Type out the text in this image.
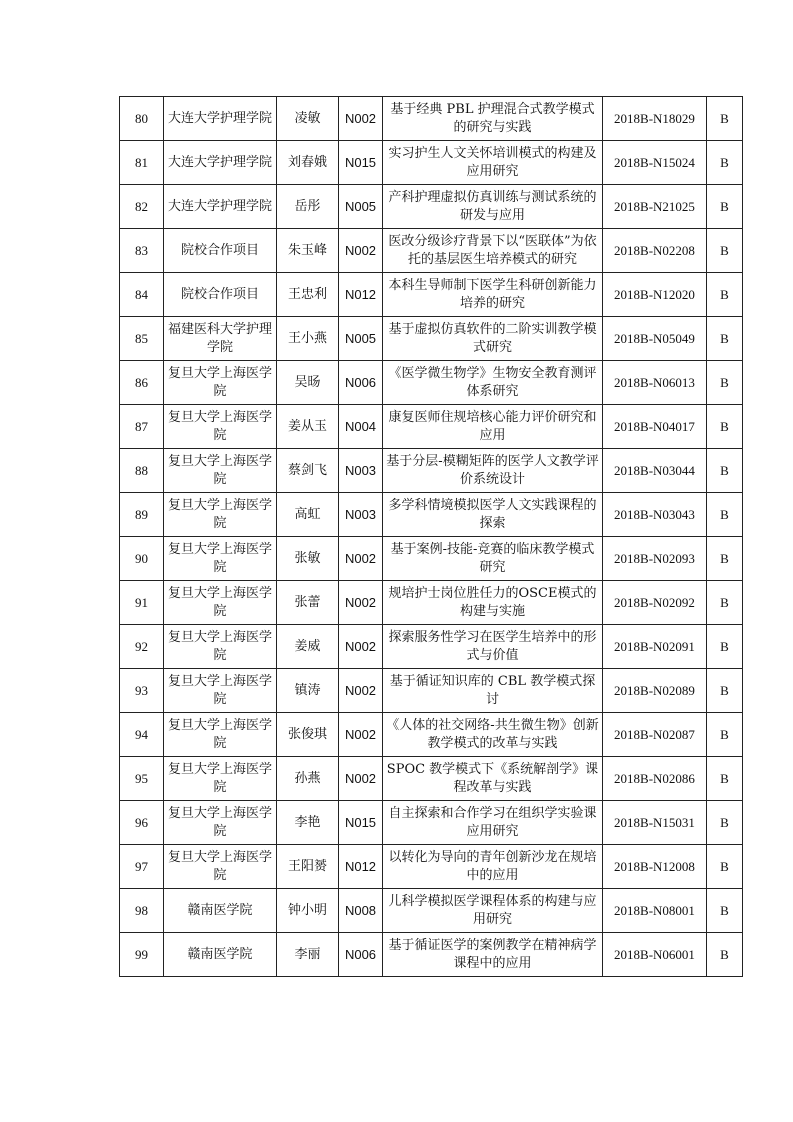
80	大连大学护理学院	凌敏	N002	基于经典 PBL 护理混合式教学模式的研究与实践	2018B-N18029	B
81	大连大学护理学院	刘春娥	N015	实习护生人文关怀培训模式的构建及应用研究	2018B-N15024	B
82	大连大学护理学院	岳彤	N005	产科护理虚拟仿真训练与测试系统的研发与应用	2018B-N21025	B
83	院校合作项目	朱玉峰	N002	医改分级诊疗背景下以“医联体”为依托的基层医生培养模式的研究	2018B-N02208	B
84	院校合作项目	王忠利	N012	本科生导师制下医学生科研创新能力培养的研究	2018B-N12020	B
85	福建医科大学护理学院	王小燕	N005	基于虚拟仿真软件的二阶实训教学模式研究	2018B-N05049	B
86	复旦大学上海医学院	吴旸	N006	《医学微生物学》生物安全教育测评体系研究	2018B-N06013	B
87	复旦大学上海医学院	姜从玉	N004	康复医师住规培核心能力评价研究和应用	2018B-N04017	B
88	复旦大学上海医学院	蔡剑飞	N003	基于分层-模糊矩阵的医学人文教学评价系统设计	2018B-N03044	B
89	复旦大学上海医学院	高虹	N003	多学科情境模拟医学人文实践课程的探索	2018B-N03043	B
90	复旦大学上海医学院	张敏	N002	基于案例-技能-竞赛的临床教学模式研究	2018B-N02093	B
91	复旦大学上海医学院	张蕾	N002	规培护士岗位胜任力的OSCE模式的构建与实施	2018B-N02092	B
92	复旦大学上海医学院	姜威	N002	探索服务性学习在医学生培养中的形式与价值	2018B-N02091	B
93	复旦大学上海医学院	镇涛	N002	基于循证知识库的 CBL 教学模式探讨	2018B-N02089	B
94	复旦大学上海医学院	张俊琪	N002	《人体的社交网络-共生微生物》创新教学模式的改革与实践	2018B-N02087	B
95	复旦大学上海医学院	孙燕	N002	SPOC 教学模式下《系统解剖学》课程改革与实践	2018B-N02086	B
96	复旦大学上海医学院	李艳	N015	自主探索和合作学习在组织学实验课应用研究	2018B-N15031	B
97	复旦大学上海医学院	王阳赟	N012	以转化为导向的青年创新沙龙在规培中的应用	2018B-N12008	B
98	赣南医学院	钟小明	N008	儿科学模拟医学课程体系的构建与应用研究	2018B-N08001	B
99	赣南医学院	李丽	N006	基于循证医学的案例教学在精神病学课程中的应用	2018B-N06001	B
